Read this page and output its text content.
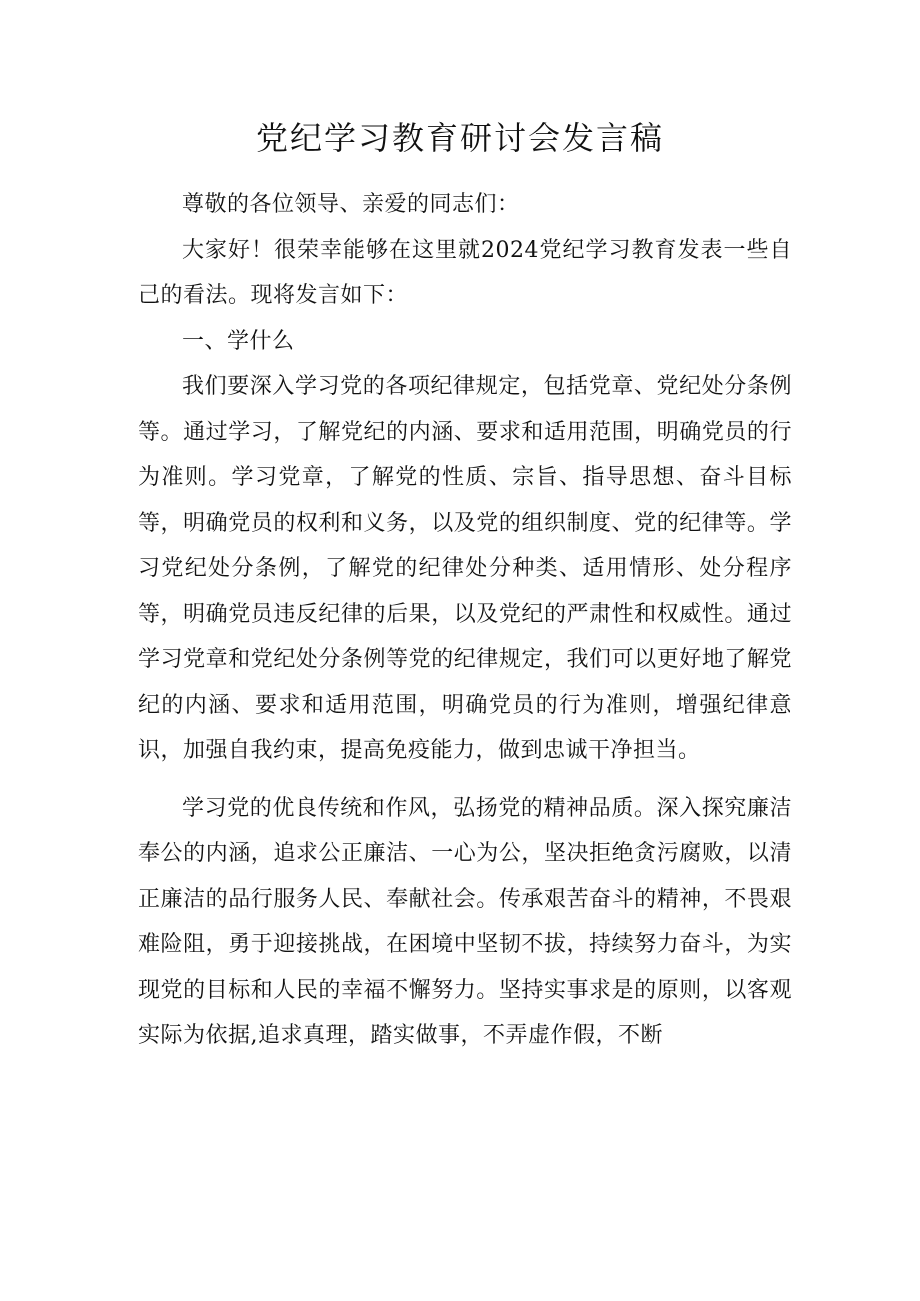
党纪学习教育研讨会发言稿

尊敬的各位领导、亲爱的同志们：

大家好！很荣幸能够在这里就2024党纪学习教育发表一些自己的看法。现将发言如下：

一、学什么

我们要深入学习党的各项纪律规定，包括党章、党纪处分条例等。通过学习，了解党纪的内涵、要求和适用范围，明确党员的行为准则。学习党章，了解党的性质、宗旨、指导思想、奋斗目标等，明确党员的权利和义务，以及党的组织制度、党的纪律等。学习党纪处分条例，了解党的纪律处分种类、适用情形、处分程序等，明确党员违反纪律的后果，以及党纪的严肃性和权威性。通过学习党章和党纪处分条例等党的纪律规定，我们可以更好地了解党纪的内涵、要求和适用范围，明确党员的行为准则，增强纪律意识，加强自我约束，提高免疫能力，做到忠诚干净担当。

学习党的优良传统和作风，弘扬党的精神品质。深入探究廉洁奉公的内涵，追求公正廉洁、一心为公，坚决拒绝贪污腐败，以清正廉洁的品行服务人民、奉献社会。传承艰苦奋斗的精神，不畏艰难险阻，勇于迎接挑战，在困境中坚韧不拔，持续努力奋斗，为实现党的目标和人民的幸福不懈努力。坚持实事求是的原则，以客观实际为依据,追求真理，踏实做事，不弄虚作假，不断
